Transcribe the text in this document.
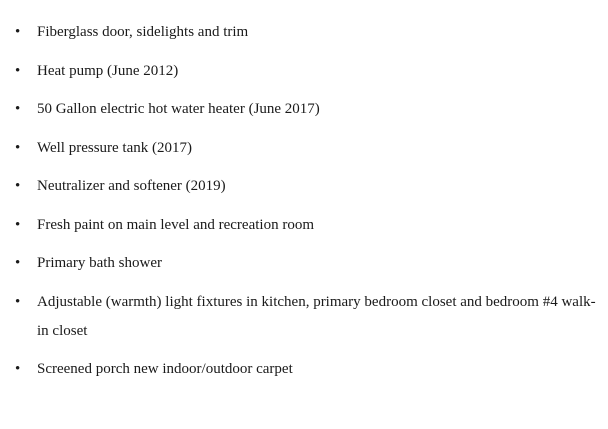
• Fiberglass door, sidelights and trim
• Heat pump (June 2012)
• 50 Gallon electric hot water heater (June 2017)
• Well pressure tank (2017)
• Neutralizer and softener (2019)
• Fresh paint on main level and recreation room
• Primary bath shower
• Adjustable (warmth) light fixtures in kitchen, primary bedroom closet and bedroom #4 walk-in closet
• Screened porch new indoor/outdoor carpet
